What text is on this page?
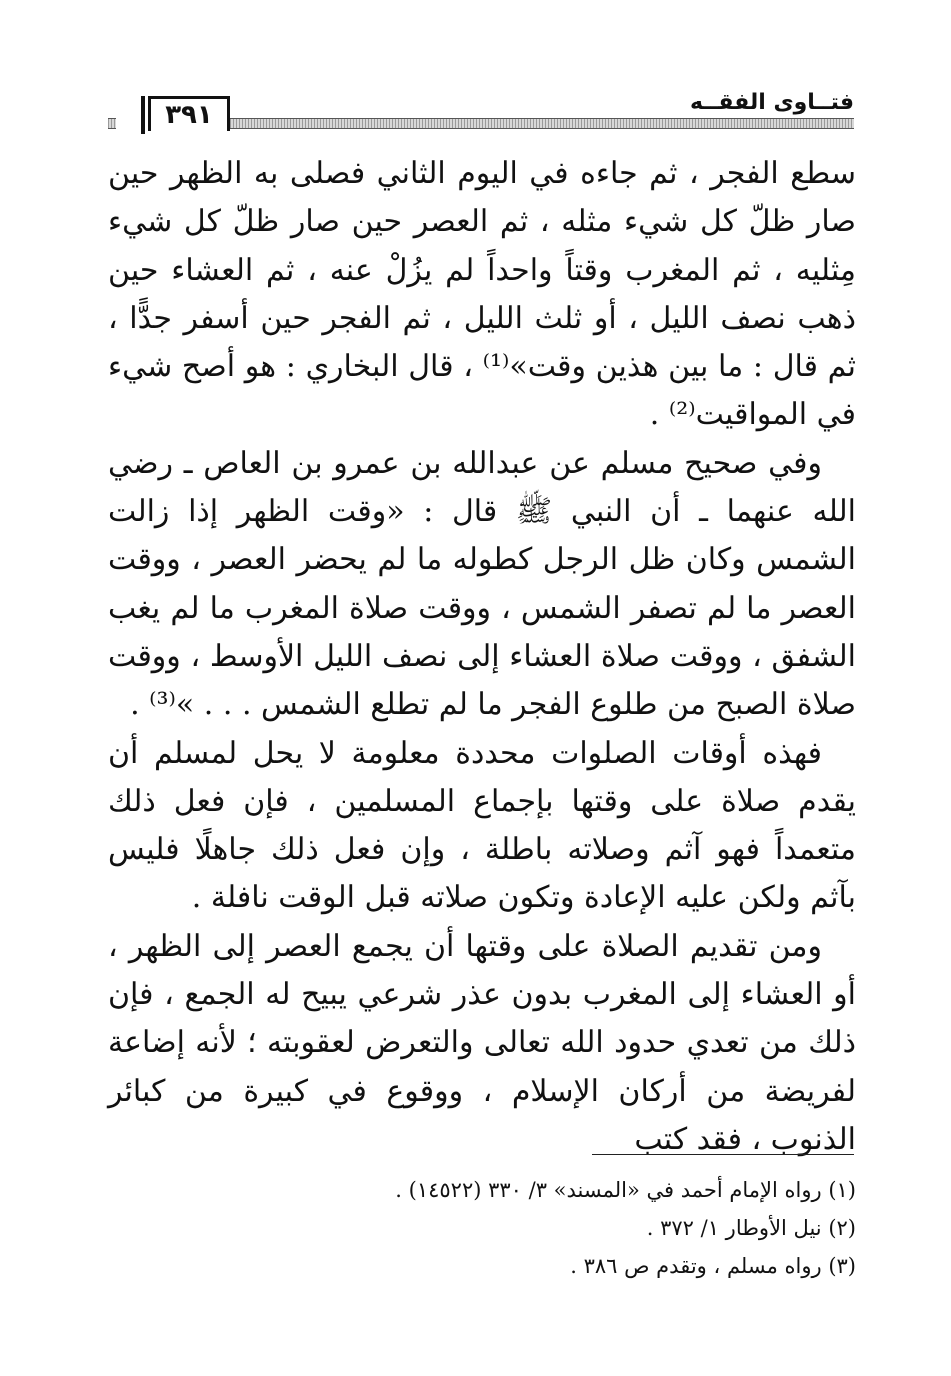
٣٩١	فتــاوى الفقــه

سطع الفجر ، ثم جاءه في اليوم الثاني فصلى به الظهر حين صار ظلّ كل شيء مثله ، ثم العصر حين صار ظلّ كل شيء مِثليه ، ثم المغرب وقتاً واحداً لم يزُلْ عنه ، ثم العشاء حين ذهب نصف الليل ، أو ثلث الليل ، ثم الفجر حين أسفر جدًّا ، ثم قال : ما بين هذين وقت»⁽¹⁾ ، قال البخاري : هو أصح شيء في المواقيت⁽²⁾ .

وفي صحيح مسلم عن عبدالله بن عمرو بن العاص ـ رضي الله عنهما ـ أن النبي ﷺ قال : «وقت الظهر إذا زالت الشمس وكان ظل الرجل كطوله ما لم يحضر العصر ، ووقت العصر ما لم تصفر الشمس ، ووقت صلاة المغرب ما لم يغب الشفق ، ووقت صلاة العشاء إلى نصف الليل الأوسط ، ووقت صلاة الصبح من طلوع الفجر ما لم تطلع الشمس . . . »⁽³⁾ .

فهذه أوقات الصلوات محددة معلومة لا يحل لمسلم أن يقدم صلاة على وقتها بإجماع المسلمين ، فإن فعل ذلك متعمداً فهو آثم وصلاته باطلة ، وإن فعل ذلك جاهلًا فليس بآثم ولكن عليه الإعادة وتكون صلاته قبل الوقت نافلة .

ومن تقديم الصلاة على وقتها أن يجمع العصر إلى الظهر ، أو العشاء إلى المغرب بدون عذر شرعي يبيح له الجمع ، فإن ذلك من تعدي حدود الله تعالى والتعرض لعقوبته ؛ لأنه إضاعة لفريضة من أركان الإسلام ، ووقوع في كبيرة من كبائر الذنوب ، فقد كتب

(١) رواه الإمام أحمد في «المسند» ٣/ ٣٣٠ (١٤٥٢٢) .

(٢) نيل الأوطار ١/ ٣٧٢ .

(٣) رواه مسلم ، وتقدم ص ٣٨٦ .
